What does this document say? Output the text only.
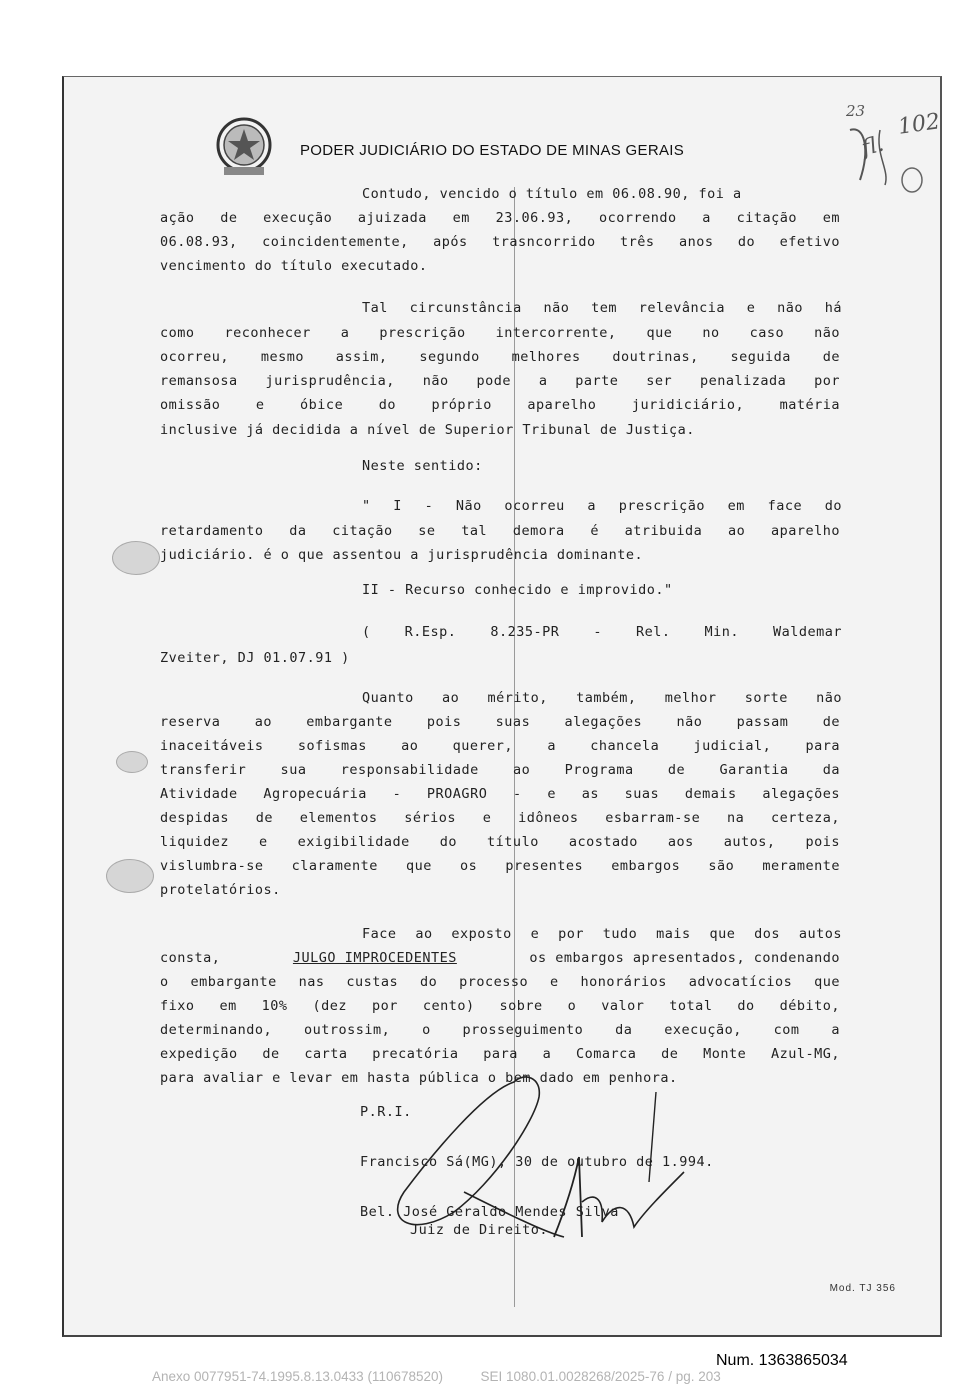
PODER JUDICIÁRIO DO ESTADO DE MINAS GERAIS
Contudo, vencido o título em 06.08.90, foi a
ação de execução ajuizada em 23.06.93, ocorrendo a citação em
06.08.93, coincidentemente, após trasncorrido três anos do efetivo
vencimento do título executado.
Tal circunstância não tem relevância e não há
como reconhecer a prescrição intercorrente, que no caso não
ocorreu, mesmo assim, segundo melhores doutrinas, seguida de
remansosa jurisprudência, não pode a parte ser penalizada por
omissão e óbice do próprio aparelho juridiciário, matéria
inclusive já decidida a nível de Superior Tribunal de Justiça.
Neste sentido:
" I - Não ocorreu a prescrição em face do
retardamento da citação se tal demora é atribuida ao aparelho
judiciário. é o que assentou a jurisprudência dominante.
II - Recurso conhecido e improvido."
( R.Esp. 8.235-PR - Rel. Min. Waldemar
Zveiter, DJ 01.07.91 )
Quanto ao mérito, também, melhor sorte não
reserva ao embargante pois suas alegações não passam de
inaceitáveis sofismas ao querer, a chancela judicial, para
transferir sua responsabilidade ao Programa de Garantia da
Atividade Agropecuária - PROAGRO - e as suas demais alegações
despidas de elementos sérios e idôneos esbarram-se na certeza,
liquidez e exigibilidade do título acostado aos autos, pois
vislumbra-se claramente que os presentes embargos são meramente
protelatórios.
Face ao exposto e por tudo mais que dos autos
consta,	JULGO IMPROCEDENTES	os embargos apresentados, condenando
o embargante nas custas do processo e honorários advocatícios que
fixo em 10% (dez por cento) sobre o valor total do débito,
determinando, outrossim, o prosseguimento da execução, com a
expedição de carta precatória para a Comarca de Monte Azul-MG,
para avaliar e levar em hasta pública o bem dado em penhora.
P.R.I.
Francisco Sá(MG), 30 de outubro de 1.994.
Bel. José Geraldo Mendes Silva
Juiz de Direito.
Mod. TJ 356
23 102
fl.
Num. 1363865034
Anexo 0077951-74.1995.8.13.0433 (110678520)	SEI 1080.01.0028268/2025-76 / pg. 203
